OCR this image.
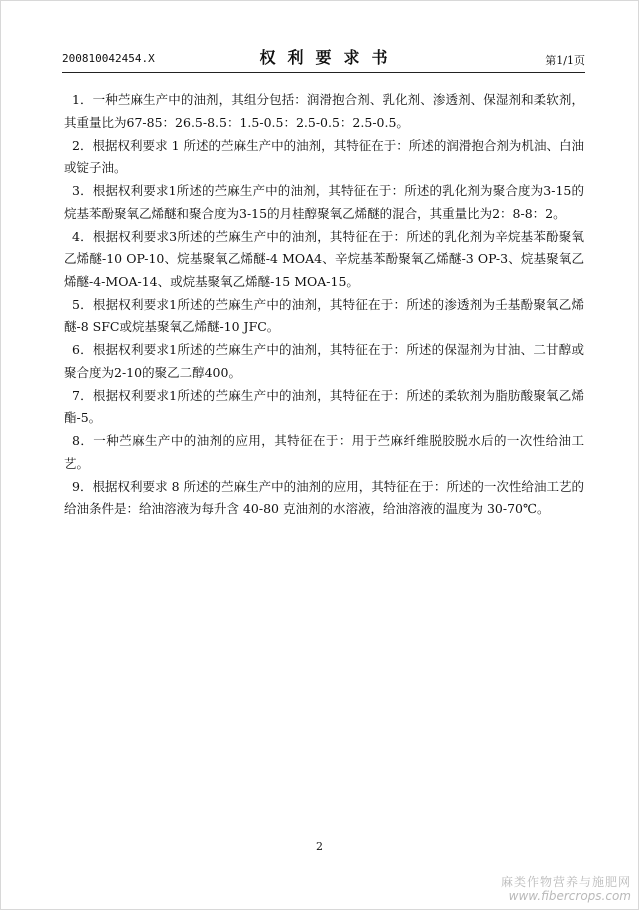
200810042454.X	权利要求书	第1/1页

1．一种苎麻生产中的油剂，其组分包括：润滑抱合剂、乳化剂、渗透剂、保湿剂和柔软剂，其重量比为67-85：26.5-8.5：1.5-0.5：2.5-0.5：2.5-0.5。

2．根据权利要求 1 所述的苎麻生产中的油剂，其特征在于：所述的润滑抱合剂为机油、白油或锭子油。

3．根据权利要求1所述的苎麻生产中的油剂，其特征在于：所述的乳化剂为聚合度为3-15的烷基苯酚聚氧乙烯醚和聚合度为3-15的月桂醇聚氧乙烯醚的混合，其重量比为2：8-8：2。

4．根据权利要求3所述的苎麻生产中的油剂，其特征在于：所述的乳化剂为辛烷基苯酚聚氧乙烯醚-10 OP-10、烷基聚氧乙烯醚-4 MOA4、辛烷基苯酚聚氧乙烯醚-3 OP-3、烷基聚氧乙烯醚-4-MOA-14、或烷基聚氧乙烯醚-15 MOA-15。

5．根据权利要求1所述的苎麻生产中的油剂，其特征在于：所述的渗透剂为壬基酚聚氧乙烯醚-8 SFC或烷基聚氧乙烯醚-10 JFC。

6．根据权利要求1所述的苎麻生产中的油剂，其特征在于：所述的保湿剂为甘油、二甘醇或聚合度为2-10的聚乙二醇400。

7．根据权利要求1所述的苎麻生产中的油剂，其特征在于：所述的柔软剂为脂肪酸聚氧乙烯酯-5。

8．一种苎麻生产中的油剂的应用，其特征在于：用于苎麻纤维脱胶脱水后的一次性给油工艺。

9．根据权利要求 8 所述的苎麻生产中的油剂的应用，其特征在于：所述的一次性给油工艺的给油条件是：给油溶液为每升含 40-80 克油剂的水溶液，给油溶液的温度为 30-70℃。

2
麻类作物营养与施肥网
www.fibercrops.com
